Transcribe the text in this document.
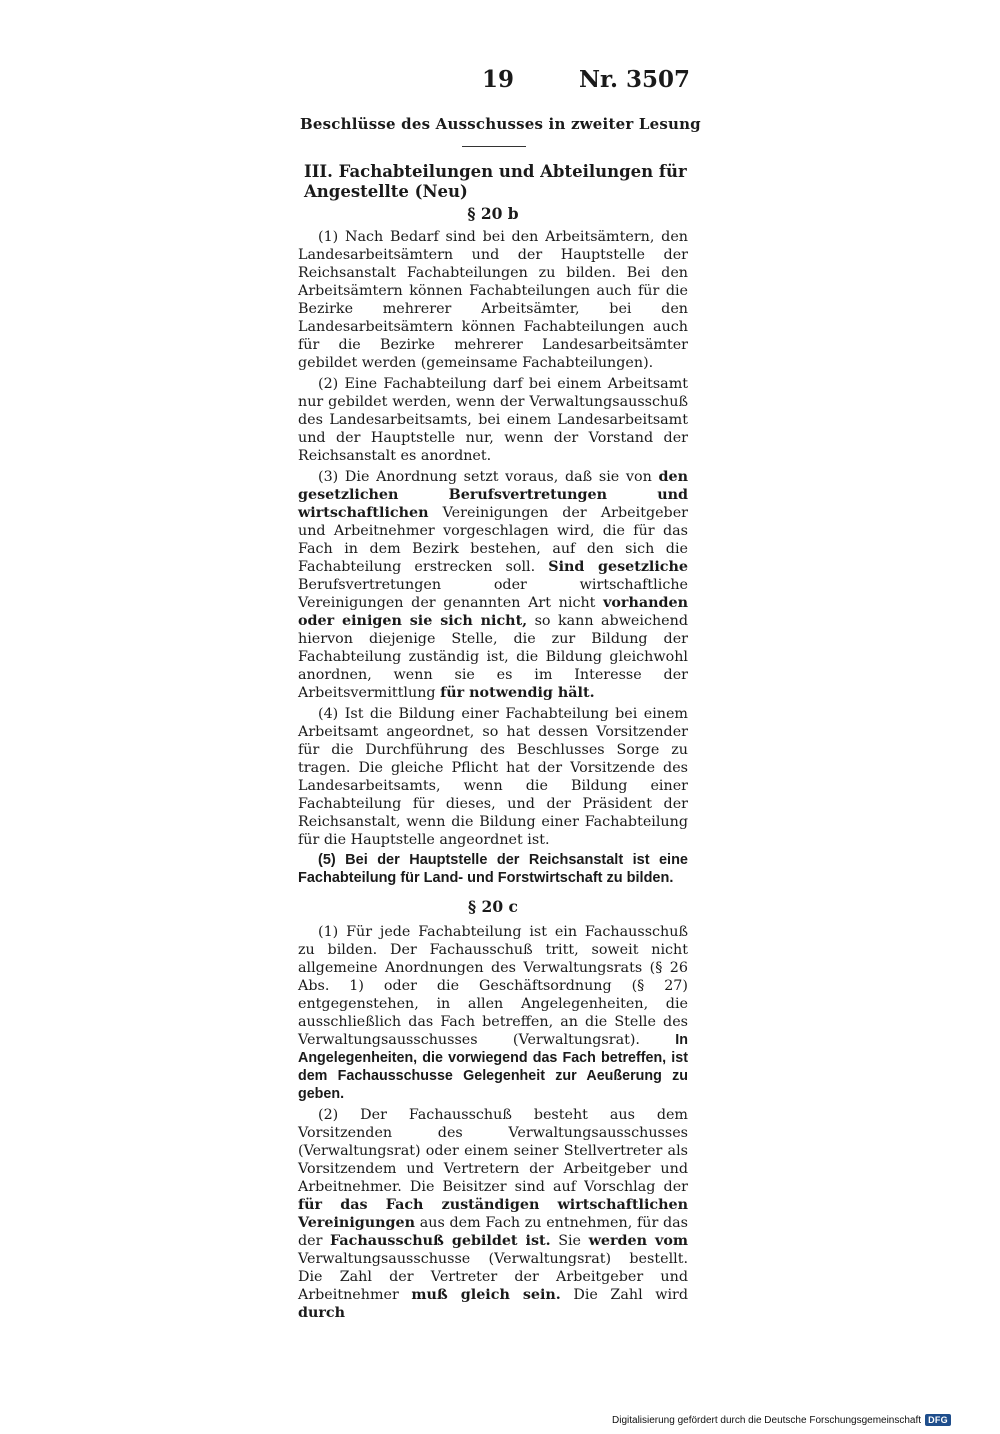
19	Nr. 3507
Beschlüsse des Ausschusses in zweiter Lesung
III. Fachabteilungen und Abteilungen für Angestellte (Neu)
§ 20 b

(1) Nach Bedarf sind bei den Arbeitsämtern, den Landesarbeitsämtern und der Hauptstelle der Reichsanstalt Fachabteilungen zu bilden. Bei den Arbeitsämtern können Fachabteilungen auch für die Bezirke mehrerer Arbeitsämter, bei den Landesarbeitsämtern können Fachabteilungen auch für die Bezirke mehrerer Landesarbeitsämter gebildet werden (gemeinsame Fachabteilungen).

(2) Eine Fachabteilung darf bei einem Arbeitsamt nur gebildet werden, wenn der Verwaltungsausschuß des Landesarbeitsamts, bei einem Landesarbeitsamt und der Hauptstelle nur, wenn der Vorstand der Reichsanstalt es anordnet.

(3) Die Anordnung setzt voraus, daß sie von den gesetzlichen Berufsvertretungen und wirtschaftlichen Vereinigungen der Arbeitgeber und Arbeitnehmer vorgeschlagen wird, die für das Fach in dem Bezirk bestehen, auf den sich die Fachabteilung erstrecken soll. Sind gesetzliche Berufsvertretungen oder wirtschaftliche Vereinigungen der genannten Art nicht vorhanden oder einigen sie sich nicht, so kann abweichend hiervon diejenige Stelle, die zur Bildung der Fachabteilung zuständig ist, die Bildung gleichwohl anordnen, wenn sie es im Interesse der Arbeitsvermittlung für notwendig hält.

(4) Ist die Bildung einer Fachabteilung bei einem Arbeitsamt angeordnet, so hat dessen Vorsitzender für die Durchführung des Beschlusses Sorge zu tragen. Die gleiche Pflicht hat der Vorsitzende des Landesarbeitsamts, wenn die Bildung einer Fachabteilung für dieses, und der Präsident der Reichsanstalt, wenn die Bildung einer Fachabteilung für die Hauptstelle angeordnet ist.

(5) Bei der Hauptstelle der Reichsanstalt ist eine Fachabteilung für Land- und Forstwirtschaft zu bilden.

§ 20 c

(1) Für jede Fachabteilung ist ein Fachausschuß zu bilden. Der Fachausschuß tritt, soweit nicht allgemeine Anordnungen des Verwaltungsrats (§ 26 Abs. 1) oder die Geschäftsordnung (§ 27) entgegenstehen, in allen Angelegenheiten, die ausschließlich das Fach betreffen, an die Stelle des Verwaltungsausschusses (Verwaltungsrat). In Angelegenheiten, die vorwiegend das Fach betreffen, ist dem Fachausschusse Gelegenheit zur Aeußerung zu geben.

(2) Der Fachausschuß besteht aus dem Vorsitzenden des Verwaltungsausschusses (Verwaltungsrat) oder einem seiner Stellvertreter als Vorsitzendem und Vertretern der Arbeitgeber und Arbeitnehmer. Die Beisitzer sind auf Vorschlag der für das Fach zuständigen wirtschaftlichen Vereinigungen aus dem Fach zu entnehmen, für das der Fachausschuß gebildet ist. Sie werden vom Verwaltungsausschusse (Verwaltungsrat) bestellt. Die Zahl der Vertreter der Arbeitgeber und Arbeitnehmer muß gleich sein. Die Zahl wird durch

Digitalisierung gefördert durch die Deutsche Forschungsgemeinschaft DFG
